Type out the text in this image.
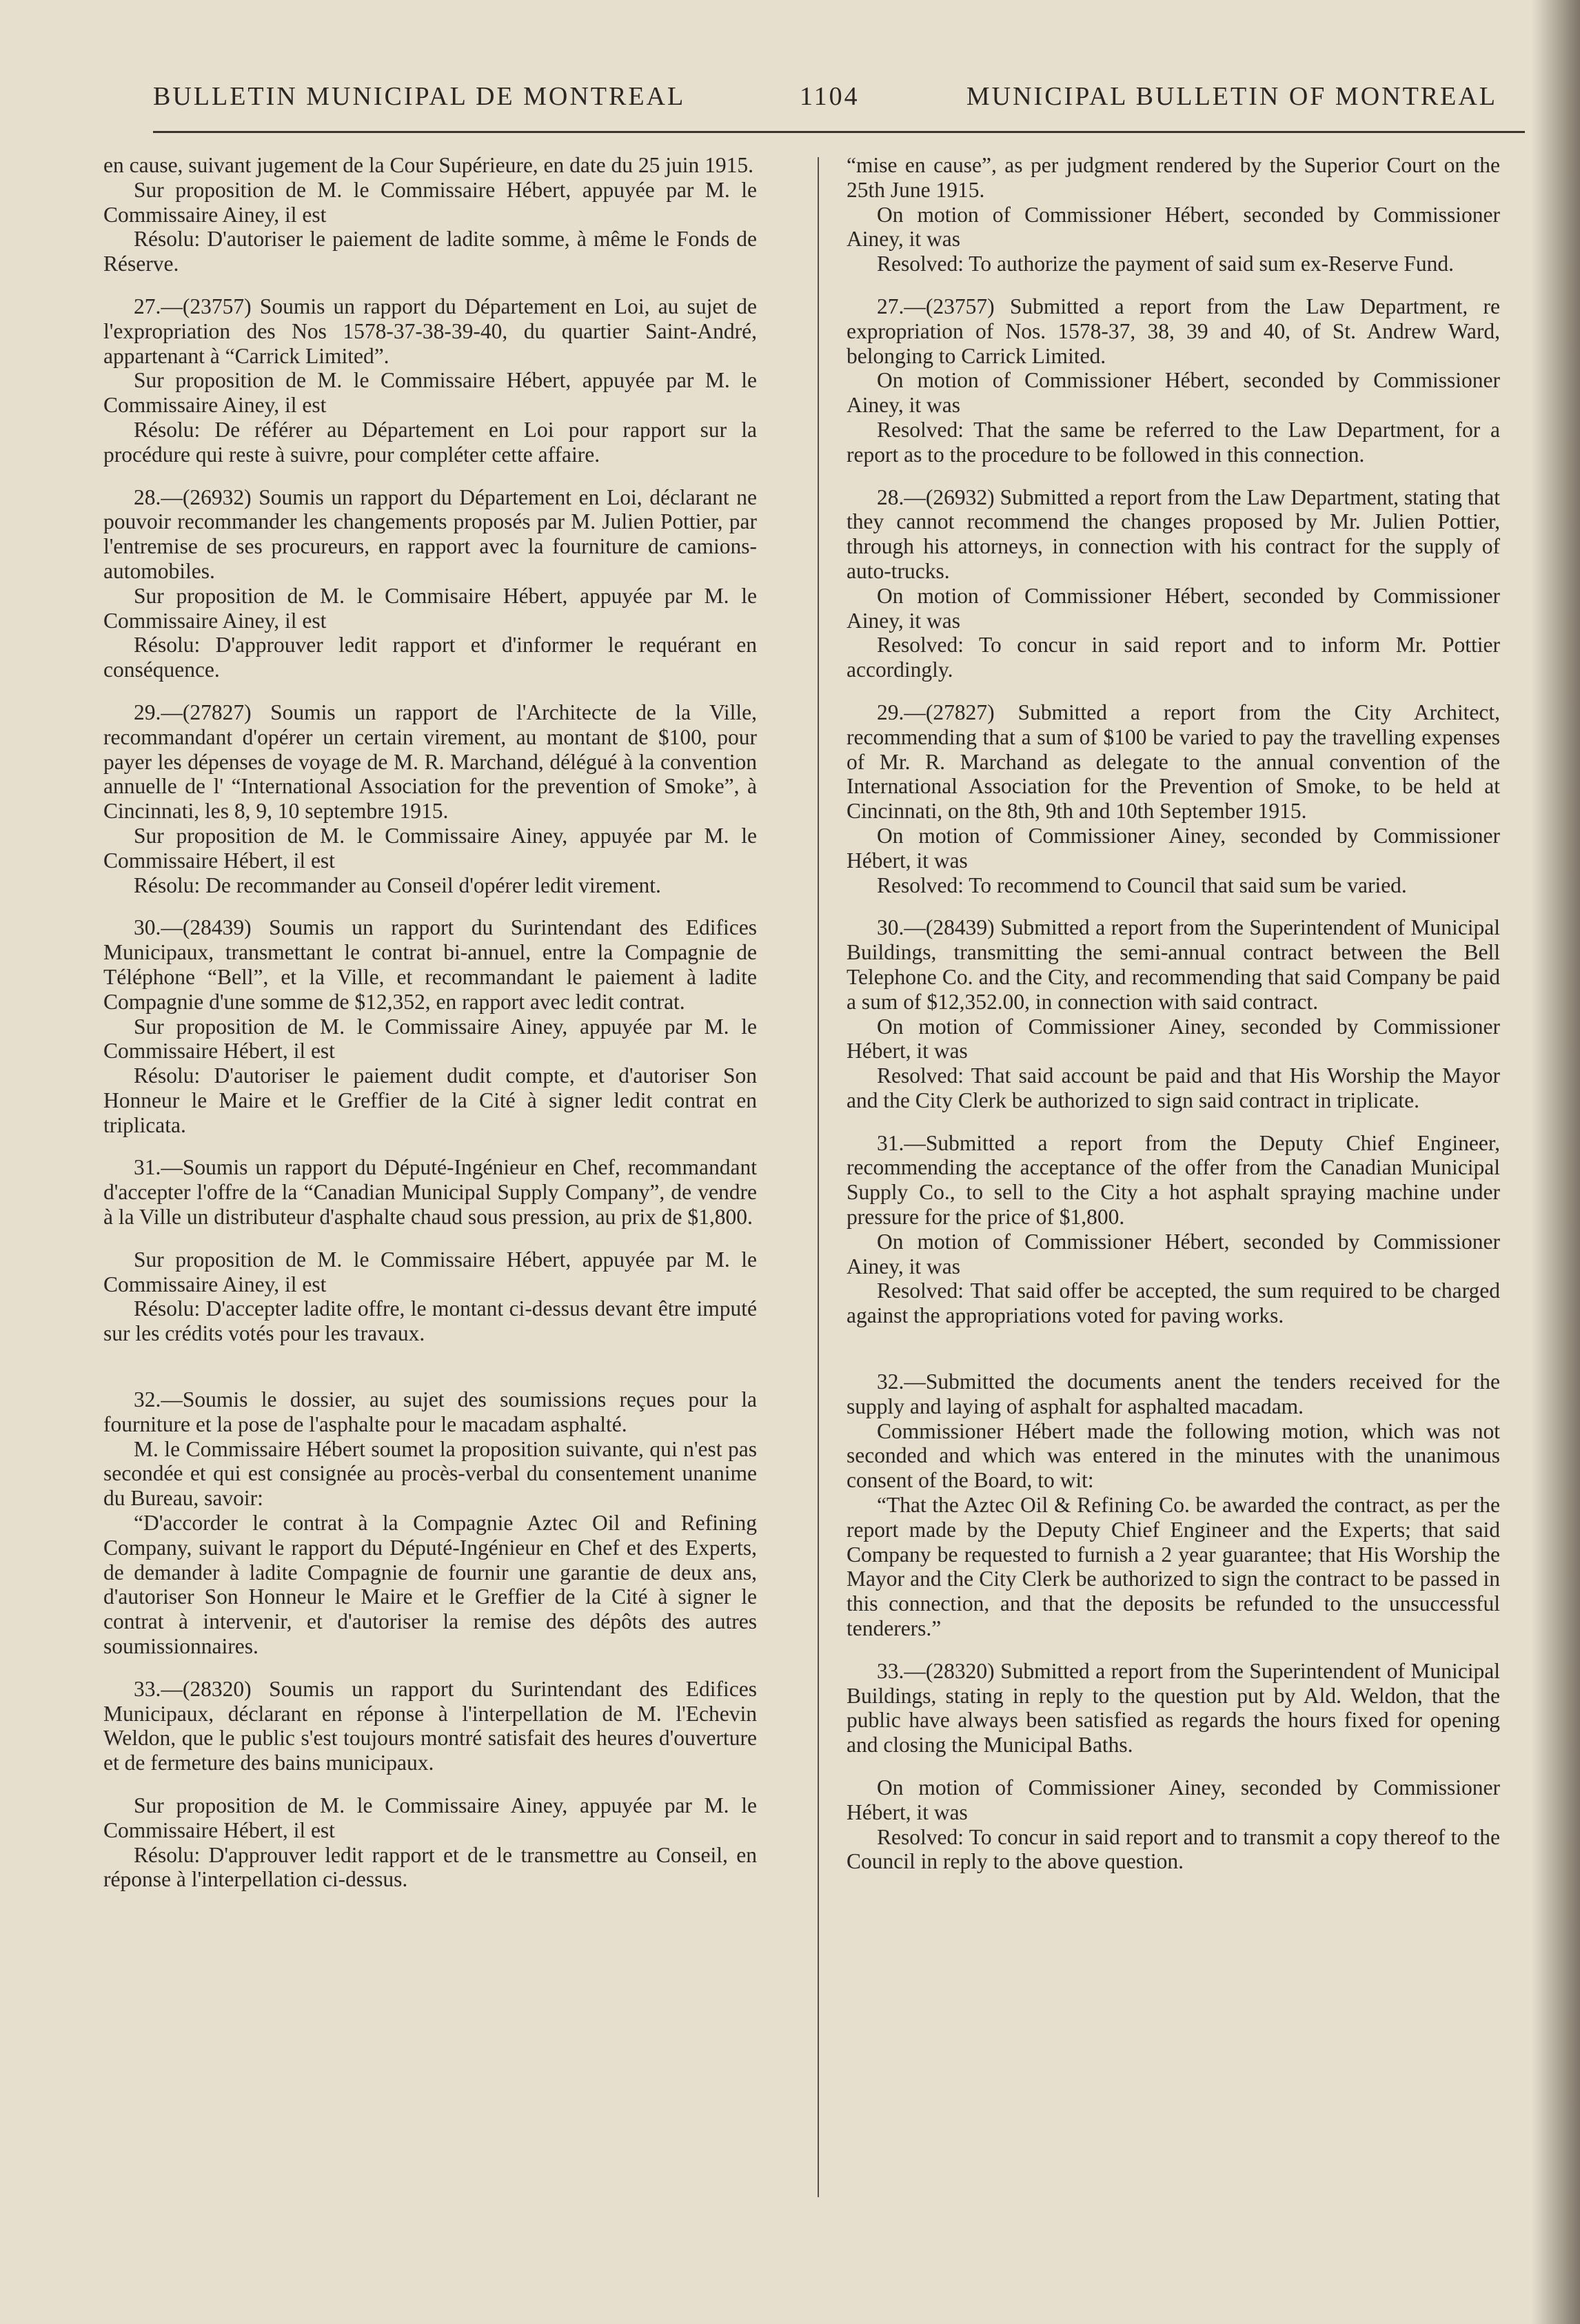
BULLETIN MUNICIPAL DE MONTREAL	1104	MUNICIPAL BULLETIN OF MONTREAL

en cause, suivant jugement de la Cour Supérieure, en date du 25 juin 1915.

Sur proposition de M. le Commissaire Hébert, appuyée par M. le Commissaire Ainey, il est

Résolu: D'autoriser le paiement de ladite somme, à même le Fonds de Réserve.

27.—(23757) Soumis un rapport du Département en Loi, au sujet de l'expropriation des Nos 1578-37-38-39-40, du quartier Saint-André, appartenant à “Carrick Limited”.

Sur proposition de M. le Commissaire Hébert, appuyée par M. le Commissaire Ainey, il est

Résolu: De référer au Département en Loi pour rapport sur la procédure qui reste à suivre, pour compléter cette affaire.

28.—(26932) Soumis un rapport du Département en Loi, déclarant ne pouvoir recommander les changements proposés par M. Julien Pottier, par l'entremise de ses procureurs, en rapport avec la fourniture de camions-automobiles.

Sur proposition de M. le Commisaire Hébert, appuyée par M. le Commissaire Ainey, il est

Résolu: D'approuver ledit rapport et d'informer le requérant en conséquence.

29.—(27827) Soumis un rapport de l'Architecte de la Ville, recommandant d'opérer un certain virement, au montant de $100, pour payer les dépenses de voyage de M. R. Marchand, délégué à la convention annuelle de l' “International Association for the prevention of Smoke”, à Cincinnati, les 8, 9, 10 septembre 1915.

Sur proposition de M. le Commissaire Ainey, appuyée par M. le Commissaire Hébert, il est

Résolu: De recommander au Conseil d'opérer ledit virement.

30.—(28439) Soumis un rapport du Surintendant des Edifices Municipaux, transmettant le contrat bi-annuel, entre la Compagnie de Téléphone “Bell”, et la Ville, et recommandant le paiement à ladite Compagnie d'une somme de $12,352, en rapport avec ledit contrat.

Sur proposition de M. le Commissaire Ainey, appuyée par M. le Commissaire Hébert, il est

Résolu: D'autoriser le paiement dudit compte, et d'autoriser Son Honneur le Maire et le Greffier de la Cité à signer ledit contrat en triplicata.

31.—Soumis un rapport du Député-Ingénieur en Chef, recommandant d'accepter l'offre de la “Canadian Municipal Supply Company”, de vendre à la Ville un distributeur d'asphalte chaud sous pression, au prix de $1,800.

Sur proposition de M. le Commissaire Hébert, appuyée par M. le Commissaire Ainey, il est

Résolu: D'accepter ladite offre, le montant ci-dessus devant être imputé sur les crédits votés pour les travaux.

32.—Soumis le dossier, au sujet des soumissions reçues pour la fourniture et la pose de l'asphalte pour le macadam asphalté.

M. le Commissaire Hébert soumet la proposition suivante, qui n'est pas secondée et qui est consignée au procès-verbal du consentement unanime du Bureau, savoir:

“D'accorder le contrat à la Compagnie Aztec Oil and Refining Company, suivant le rapport du Député-Ingénieur en Chef et des Experts, de demander à ladite Compagnie de fournir une garantie de deux ans, d'autoriser Son Honneur le Maire et le Greffier de la Cité à signer le contrat à intervenir, et d'autoriser la remise des dépôts des autres soumissionnaires.

33.—(28320) Soumis un rapport du Surintendant des Edifices Municipaux, déclarant en réponse à l'interpellation de M. l'Echevin Weldon, que le public s'est toujours montré satisfait des heures d'ouverture et de fermeture des bains municipaux.

Sur proposition de M. le Commissaire Ainey, appuyée par M. le Commissaire Hébert, il est

Résolu: D'approuver ledit rapport et de le transmettre au Conseil, en réponse à l'interpellation ci-dessus.

“mise en cause”, as per judgment rendered by the Superior Court on the 25th June 1915.

On motion of Commissioner Hébert, seconded by Commissioner Ainey, it was

Resolved: To authorize the payment of said sum ex-Reserve Fund.

27.—(23757) Submitted a report from the Law Department, re expropriation of Nos. 1578-37, 38, 39 and 40, of St. Andrew Ward, belonging to Carrick Limited.

On motion of Commissioner Hébert, seconded by Commissioner Ainey, it was

Resolved: That the same be referred to the Law Department, for a report as to the procedure to be followed in this connection.

28.—(26932) Submitted a report from the Law Department, stating that they cannot recommend the changes proposed by Mr. Julien Pottier, through his attorneys, in connection with his contract for the supply of auto-trucks.

On motion of Commissioner Hébert, seconded by Commissioner Ainey, it was

Resolved: To concur in said report and to inform Mr. Pottier accordingly.

29.—(27827) Submitted a report from the City Architect, recommending that a sum of $100 be varied to pay the travelling expenses of Mr. R. Marchand as delegate to the annual convention of the International Association for the Prevention of Smoke, to be held at Cincinnati, on the 8th, 9th and 10th September 1915.

On motion of Commissioner Ainey, seconded by Commissioner Hébert, it was

Resolved: To recommend to Council that said sum be varied.

30.—(28439) Submitted a report from the Superintendent of Municipal Buildings, transmitting the semi-annual contract between the Bell Telephone Co. and the City, and recommending that said Company be paid a sum of $12,352.00, in connection with said contract.

On motion of Commissioner Ainey, seconded by Commissioner Hébert, it was

Resolved: That said account be paid and that His Worship the Mayor and the City Clerk be authorized to sign said contract in triplicate.

31.—Submitted a report from the Deputy Chief Engineer, recommending the acceptance of the offer from the Canadian Municipal Supply Co., to sell to the City a hot asphalt spraying machine under pressure for the price of $1,800.

On motion of Commissioner Hébert, seconded by Commissioner Ainey, it was

Resolved: That said offer be accepted, the sum required to be charged against the appropriations voted for paving works.

32.—Submitted the documents anent the tenders received for the supply and laying of asphalt for asphalted macadam.

Commissioner Hébert made the following motion, which was not seconded and which was entered in the minutes with the unanimous consent of the Board, to wit:

“That the Aztec Oil & Refining Co. be awarded the contract, as per the report made by the Deputy Chief Engineer and the Experts; that said Company be requested to furnish a 2 year guarantee; that His Worship the Mayor and the City Clerk be authorized to sign the contract to be passed in this connection, and that the deposits be refunded to the unsuccessful tenderers.”

33.—(28320) Submitted a report from the Superintendent of Municipal Buildings, stating in reply to the question put by Ald. Weldon, that the public have always been satisfied as regards the hours fixed for opening and closing the Municipal Baths.

On motion of Commissioner Ainey, seconded by Commissioner Hébert, it was

Resolved: To concur in said report and to transmit a copy thereof to the Council in reply to the above question.
